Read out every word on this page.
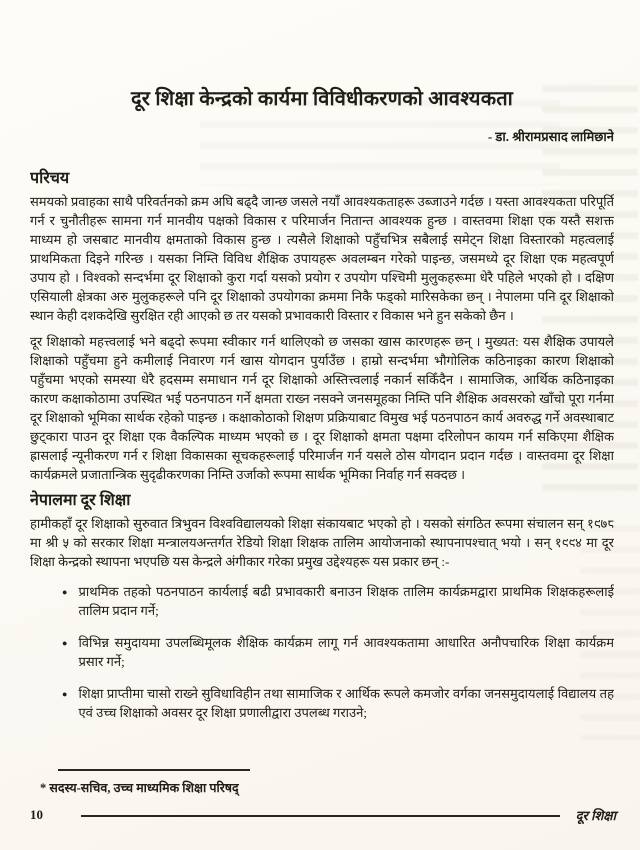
दूर शिक्षा केन्द्रको कार्यमा विविधीकरणको आवश्यकता
- डा. श्रीरामप्रसाद लामिछाने
परिचय

समयको प्रवाहका साथै परिवर्तनको क्रम अघि बढ्दै जान्छ जसले नयाँ आवश्यकताहरू उब्जाउने गर्दछ । यस्ता आवश्यकता परिपूर्ति गर्न र चुनौतीहरू सामना गर्न मानवीय पक्षको विकास र परिमार्जन नितान्त आवश्यक हुन्छ । वास्तवमा शिक्षा एक यस्तै सशक्त माध्यम हो जसबाट मानवीय क्षमताको विकास हुन्छ । त्यसैले शिक्षाको पहुँचभित्र सबैलाई समेट्न शिक्षा विस्तारको महत्वलाई प्राथमिकता दिइने गरिन्छ । यसका निम्ति विविध शैक्षिक उपायहरू अवलम्बन गरेको पाइन्छ, जसमध्ये दूर शिक्षा एक महत्वपूर्ण उपाय हो । विश्वको सन्दर्भमा दूर शिक्षाको कुरा गर्दा यसको प्रयोग र उपयोग पश्चिमी मुलुकहरूमा धेरै पहिले भएको हो । दक्षिण एसियाली क्षेत्रका अरु मुलुकहरूले पनि दूर शिक्षाको उपयोगका क्रममा निकै फड्को मारिसकेका छन् । नेपालमा पनि दूर शिक्षाको स्थान केही दशकदेखि सुरक्षित रही आएको छ तर यसको प्रभावकारी विस्तार र विकास भने हुन सकेको छैन ।

दूर शिक्षाको महत्त्वलाई भने बढ्दो रूपमा स्वीकार गर्न थालिएको छ जसका खास कारणहरू छन् । मुख्यत: यस शैक्षिक उपायले शिक्षाको पहुँचमा हुने कमीलाई निवारण गर्न खास योगदान पुर्याउँछ । हाम्रो सन्दर्भमा भौगोलिक कठिनाइका कारण शिक्षाको पहुँचमा भएको समस्या धेरै हदसम्म समाधान गर्न दूर शिक्षाको अस्तित्त्वलाई नकार्न सकिँदैन । सामाजिक, आर्थिक कठिनाइका कारण कक्षाकोठामा उपस्थित भई पठनपाठन गर्ने क्षमता राख्न नसक्ने जनसमूहका निम्ति पनि शैक्षिक अवसरको खाँचो पूरा गर्नमा दूर शिक्षाको भूमिका सार्थक रहेको पाइन्छ । कक्षाकोठाको शिक्षण प्रक्रियाबाट विमुख भई पठनपाठन कार्य अवरुद्ध गर्ने अवस्थाबाट छुट्कारा पाउन दूर शिक्षा एक वैकल्पिक माध्यम भएको छ । दूर शिक्षाको क्षमता पक्षमा दरिलोपन कायम गर्न सकिएमा शैक्षिक ह्रासलाई न्यूनीकरण गर्न र शिक्षा विकासका सूचकहरूलाई परिमार्जन गर्न यसले ठोस योगदान प्रदान गर्दछ । वास्तवमा दूर शिक्षा कार्यक्रमले प्रजातान्त्रिक सुदृढीकरणका निम्ति उर्जाको रूपमा सार्थक भूमिका निर्वाह गर्न सक्दछ ।

नेपालमा दूर शिक्षा

हामीकहाँ दूर शिक्षाको सुरुवात त्रिभुवन विश्वविद्यालयको शिक्षा संकायबाट भएको हो । यसको संगठित रूपमा संचालन सन् १९७८ मा श्री ५ को सरकार शिक्षा मन्त्रालयअन्तर्गत रेडियो शिक्षा शिक्षक तालिम आयोजनाको स्थापनापश्चात् भयो । सन् १९९४ मा दूर शिक्षा केन्द्रको स्थापना भएपछि यस केन्द्रले अंगीकार गरेका प्रमुख उद्देश्यहरू यस प्रकार छन् :-

● प्राथमिक तहको पठनपाठन कार्यलाई बढी प्रभावकारी बनाउन शिक्षक तालिम कार्यक्रमद्वारा प्राथमिक शिक्षकहरूलाई तालिम प्रदान गर्ने;
● विभिन्न समुदायमा उपलब्धिमूलक शैक्षिक कार्यक्रम लागू गर्न आवश्यकतामा आधारित अनौपचारिक शिक्षा कार्यक्रम प्रसार गर्ने;
● शिक्षा प्राप्तीमा चासो राख्ने सुविधाविहीन तथा सामाजिक र आर्थिक रूपले कमजोर वर्गका जनसमुदायलाई विद्यालय तह एवं उच्च शिक्षाको अवसर दूर शिक्षा प्रणालीद्वारा उपलब्ध गराउने;
* सदस्य-सचिव, उच्च माध्यमिक शिक्षा परिषद्
10	दूर शिक्षा
